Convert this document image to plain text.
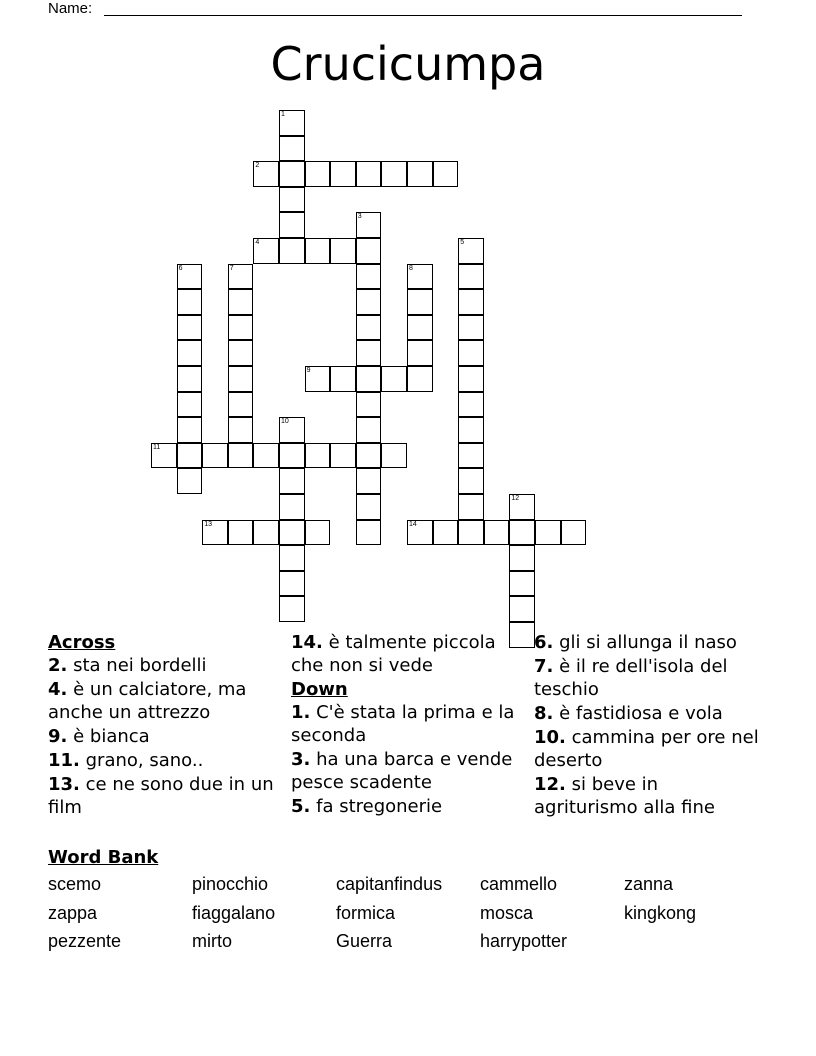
Name:
Crucicumpa
1
2
3
4	5
6	7	8
9
10
11
12
13	14
Across
2. sta nei bordelli
4. è un calciatore, ma anche un attrezzo
9. è bianca
11. grano, sano..
13. ce ne sono due in un film
14. è talmente piccola che non si vede
Down
1. C'è stata la prima e la seconda
3. ha una barca e vende pesce scadente
5. fa stregonerie
6. gli si allunga il naso
7. è il re dell'isola del teschio
8. è fastidiosa e vola
10. cammina per ore nel deserto
12. si beve in agriturismo alla fine
Word Bank
scemo	pinocchio	capitanfindus	cammello	zanna
zappa	fiaggalano	formica	mosca	kingkong
pezzente	mirto	Guerra	harrypotter
